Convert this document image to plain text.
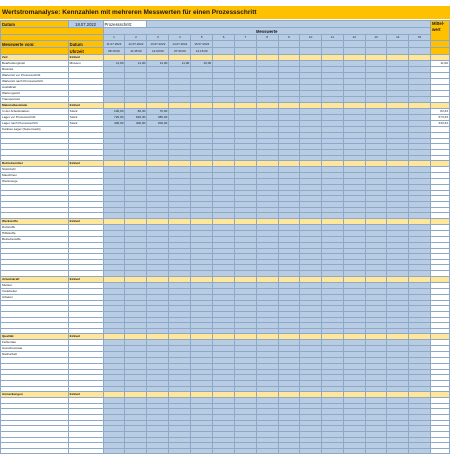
Wertstromanalyse: Kennzahlen mit mehreren Messwerten für einen Prozessschritt
Datum	18.07.2022	Prozessschritt:															Mittel-wert
		Messwerte															
		1	2	3	4	5	6	7	8	9	10	11	12	13	14	15	
Messwerte vom:	Datum	11.07.2022	12.07.2022	13.07.2022	14.07.2022	15.07.2022											
	Uhrzeit	08:15:00	11:45:00	14:00:00	07:30:00	12:15:00											
Zeit	Einheit																
Bearbeitungszeit	Minuten	11,00	11,00	11,00	11,00	10,00											11,00
Rüstzeit																	
Wartezeit vor Prozessschritt																	
Wartezeit nach Prozessschritt																	
Ausfallzeit																	
Wartungszeit																	
Transportzeit																	
Materialbestände	Einheit																
In der Arbeitsstation	Stück	100,00	80,00	70,00													83,33
Lager vor Prozessschritt	Stück	720,00	620,00	380,00													573,33
Lager nach Prozessschritt	Stück	400,00	400,00	200,00													333,33
Kanban-Lager (Supermarkt)																	

Betriebsmittel	Einheit																
Stückzahl																	
Maschinen																	
Werkzeuge																	

Werkstoffe	Einheit																
Rohstoffe																	
Hilfsstoffe																	
Betriebsstoffe																	

Arbeitskraft	Einheit																
Meister																	
Vorarbeiter																	
Arbeiter																	

Qualität	Einheit																
Fehlerrate																	
Ausschussrate																	
Nacharbeit																	

Anmerkungen	Einheit																
